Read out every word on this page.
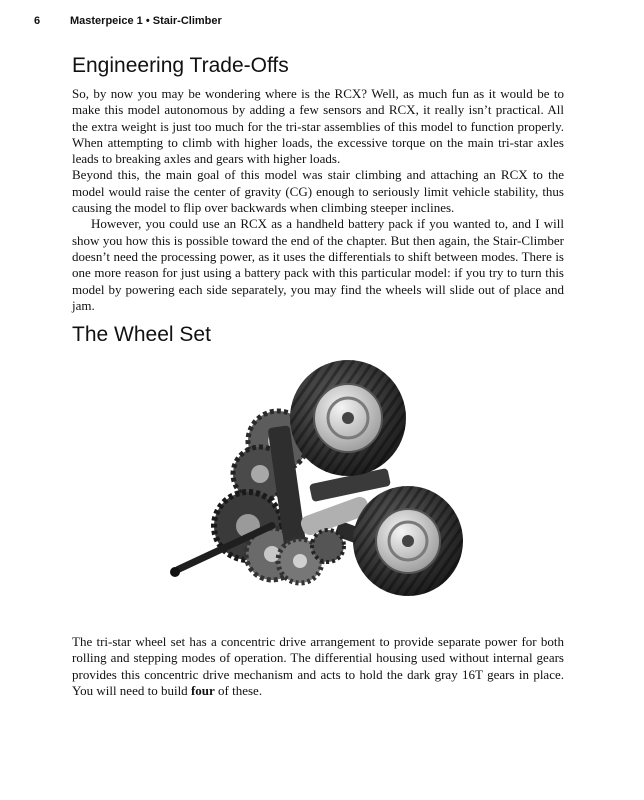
6	Masterpeice 1 • Stair-Climber
Engineering Trade-Offs

So, by now you may be wondering where is the RCX? Well, as much fun as it would be to make this model autonomous by adding a few sensors and RCX, it really isn’t practical. All the extra weight is just too much for the tri-star assemblies of this model to function properly. When attempting to climb with higher loads, the excessive torque on the main tri-star axles leads to breaking axles and gears with higher loads.

Beyond this, the main goal of this model was stair climbing and attaching an RCX to the model would raise the center of gravity (CG) enough to seriously limit vehicle stability, thus causing the model to flip over backwards when climbing steeper inclines.

However, you could use an RCX as a handheld battery pack if you wanted to, and I will show you how this is possible toward the end of the chapter. But then again, the Stair-Climber doesn’t need the processing power, as it uses the differentials to shift between modes. There is one more reason for just using a battery pack with this particular model: if you try to turn this model by powering each side separately, you may find the wheels will slide out of place and jam.

The Wheel Set

The tri-star wheel set has a concentric drive arrangement to provide separate power for both rolling and stepping modes of operation. The differential housing used without internal gears provides this concentric drive mechanism and acts to hold the dark gray 16T gears in place. You will need to build four of these.
